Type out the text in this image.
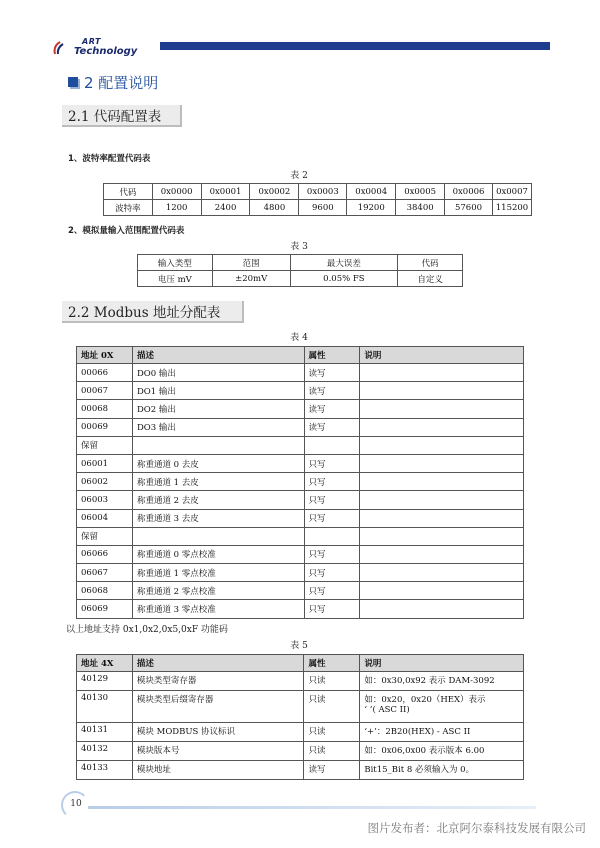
ART
Technology
2 配置说明
2.1 代码配置表
1、波特率配置代码表
表 2
代码	0x0000	0x0001	0x0002	0x0003	0x0004	0x0005	0x0006	0x0007
波特率	1200	2400	4800	9600	19200	38400	57600	115200
2、模拟量输入范围配置代码表
表 3
输入类型	范围	最大误差	代码
电压 mV	±20mV	0.05% FS	自定义
2.2 Modbus 地址分配表
表 4
地址 0X	描述	属性	说明
00066	DO0 输出	读写	
00067	DO1 输出	读写	
00068	DO2 输出	读写	
00069	DO3 输出	读写	
保留			
06001	称重通道 0 去皮	只写	
06002	称重通道 1 去皮	只写	
06003	称重通道 2 去皮	只写	
06004	称重通道 3 去皮	只写	
保留			
06066	称重通道 0 零点校准	只写	
06067	称重通道 1 零点校准	只写	
06068	称重通道 2 零点校准	只写	
06069	称重通道 3 零点校准	只写	
以上地址支持 0x1,0x2,0x5,0xF 功能码
表 5
地址 4X	描述	属性	说明
40129	模块类型寄存器	只读	如：0x30,0x92 表示 DAM-3092
40130	模块类型后缀寄存器	只读	如：0x20，0x20（HEX）表示
‘ ’( ASC II)
40131	模块 MODBUS 协议标识	只读	‘+’：2B20(HEX) - ASC II
40132	模块版本号	只读	如：0x06,0x00 表示版本 6.00
40133	模块地址	读写	Bit15_Bit 8 必须输入为 0。
10
图片发布者：北京阿尔泰科技发展有限公司
